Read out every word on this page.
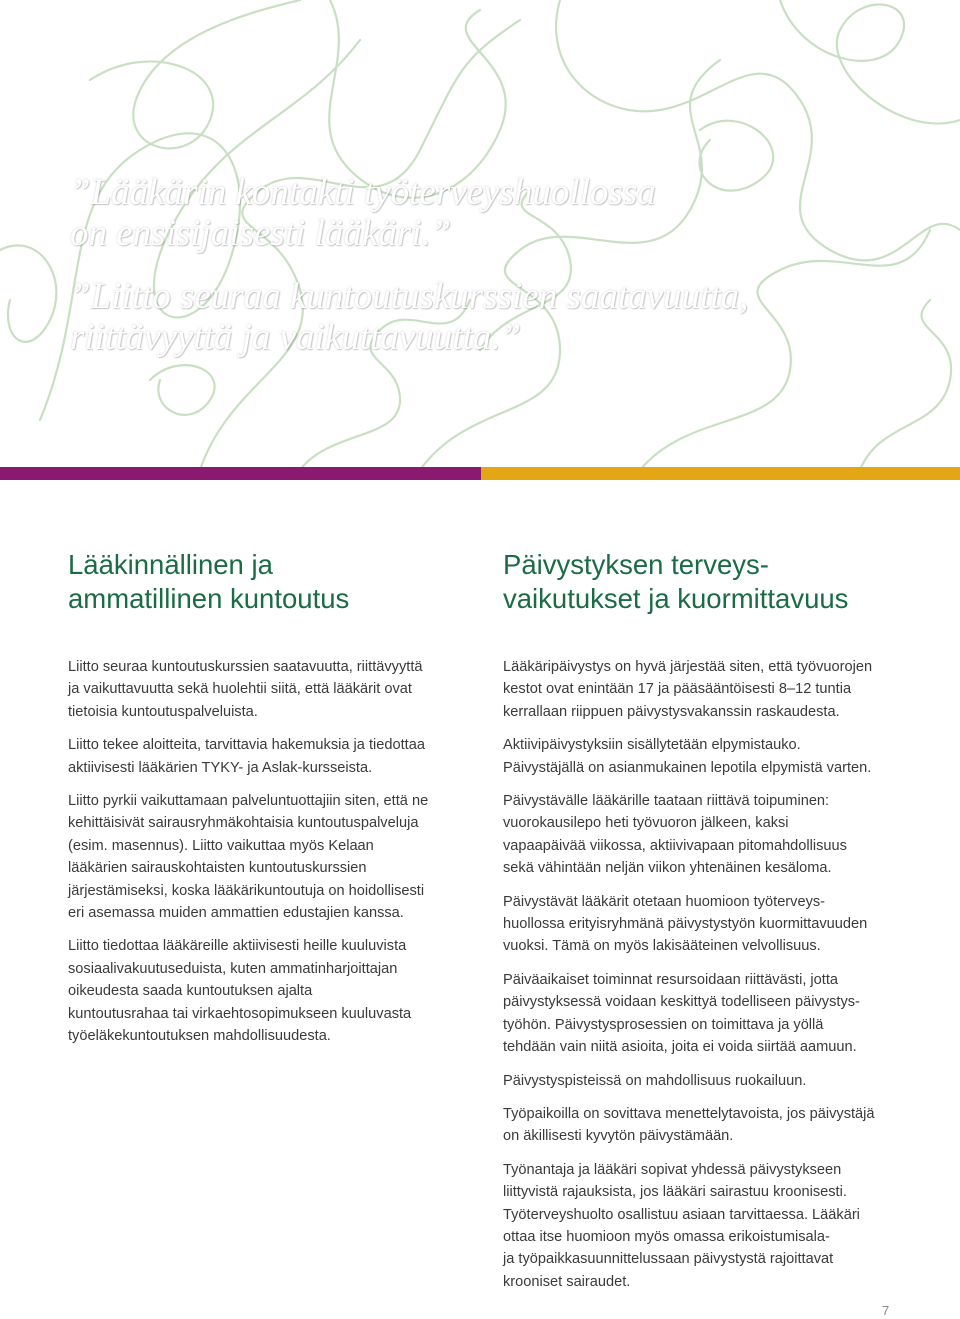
”Lääkärin kontakti työterveyshuollossa
on ensisijaisesti lääkäri.”

”Liitto seuraa kuntoutuskurssien saatavuutta,
riittävyyttä ja vaikuttavuutta.”

Lääkinnällinen ja
ammatillinen kuntoutus

Liitto seuraa kuntoutuskurssien saatavuutta, riittävyyttä
ja vaikuttavuutta sekä huolehtii siitä, että lääkärit ovat
tietoisia kuntoutuspalveluista.

Liitto tekee aloitteita, tarvittavia hakemuksia ja tiedottaa
aktiivisesti lääkärien TYKY- ja Aslak-kursseista.

Liitto pyrkii vaikuttamaan palveluntuottajiin siten, että ne
kehittäisivät sairausryhmäkohtaisia kuntoutuspalveluja
(esim. masennus). Liitto vaikuttaa myös Kelaan
lääkärien sairauskohtaisten kuntoutuskurssien
järjestämiseksi, koska lääkärikuntoutuja on hoidollisesti
eri asemassa muiden ammattien edustajien kanssa.

Liitto tiedottaa lääkäreille aktiivisesti heille kuuluvista
sosiaalivakuutuseduista, kuten ammatinharjoittajan
oikeudesta saada kuntoutuksen ajalta
kuntoutusrahaa tai virkaehtosopimukseen kuuluvasta
työeläkekuntoutuksen mahdollisuudesta.

Päivystyksen terveys-
vaikutukset ja kuormittavuus

Lääkäripäivystys on hyvä järjestää siten, että työvuorojen
kestot ovat enintään 17 ja pääsääntöisesti 8–12 tuntia
kerrallaan riippuen päivystysvakanssin raskaudesta.

Aktiivipäivystyksiin sisällytetään elpymistauko.
Päivystäjällä on asianmukainen lepotila elpymistä varten.

Päivystävälle lääkärille taataan riittävä toipuminen:
vuorokausilepo heti työvuoron jälkeen, kaksi
vapaapäivää viikossa, aktiivivapaan pitomahdollisuus
sekä vähintään neljän viikon yhtenäinen kesäloma.

Päivystävät lääkärit otetaan huomioon työterveys-
huollossa erityisryhmänä päivystystyön kuormittavuuden
vuoksi. Tämä on myös lakisääteinen velvollisuus.

Päiväaikaiset toiminnat resursoidaan riittävästi, jotta
päivystyksessä voidaan keskittyä todelliseen päivystys-
työhön. Päivystysprosessien on toimittava ja yöllä
tehdään vain niitä asioita, joita ei voida siirtää aamuun.

Päivystyspisteissä on mahdollisuus ruokailuun.

Työpaikoilla on sovittava menettelytavoista, jos päivystäjä
on äkillisesti kyvytön päivystämään.

Työnantaja ja lääkäri sopivat yhdessä päivystykseen
liittyvistä rajauksista, jos lääkäri sairastuu kroonisesti.
Työterveyshuolto osallistuu asiaan tarvittaessa. Lääkäri
ottaa itse huomioon myös omassa erikoistumisala-
ja työpaikkasuunnittelussaan päivystystä rajoittavat
krooniset sairaudet.

7
